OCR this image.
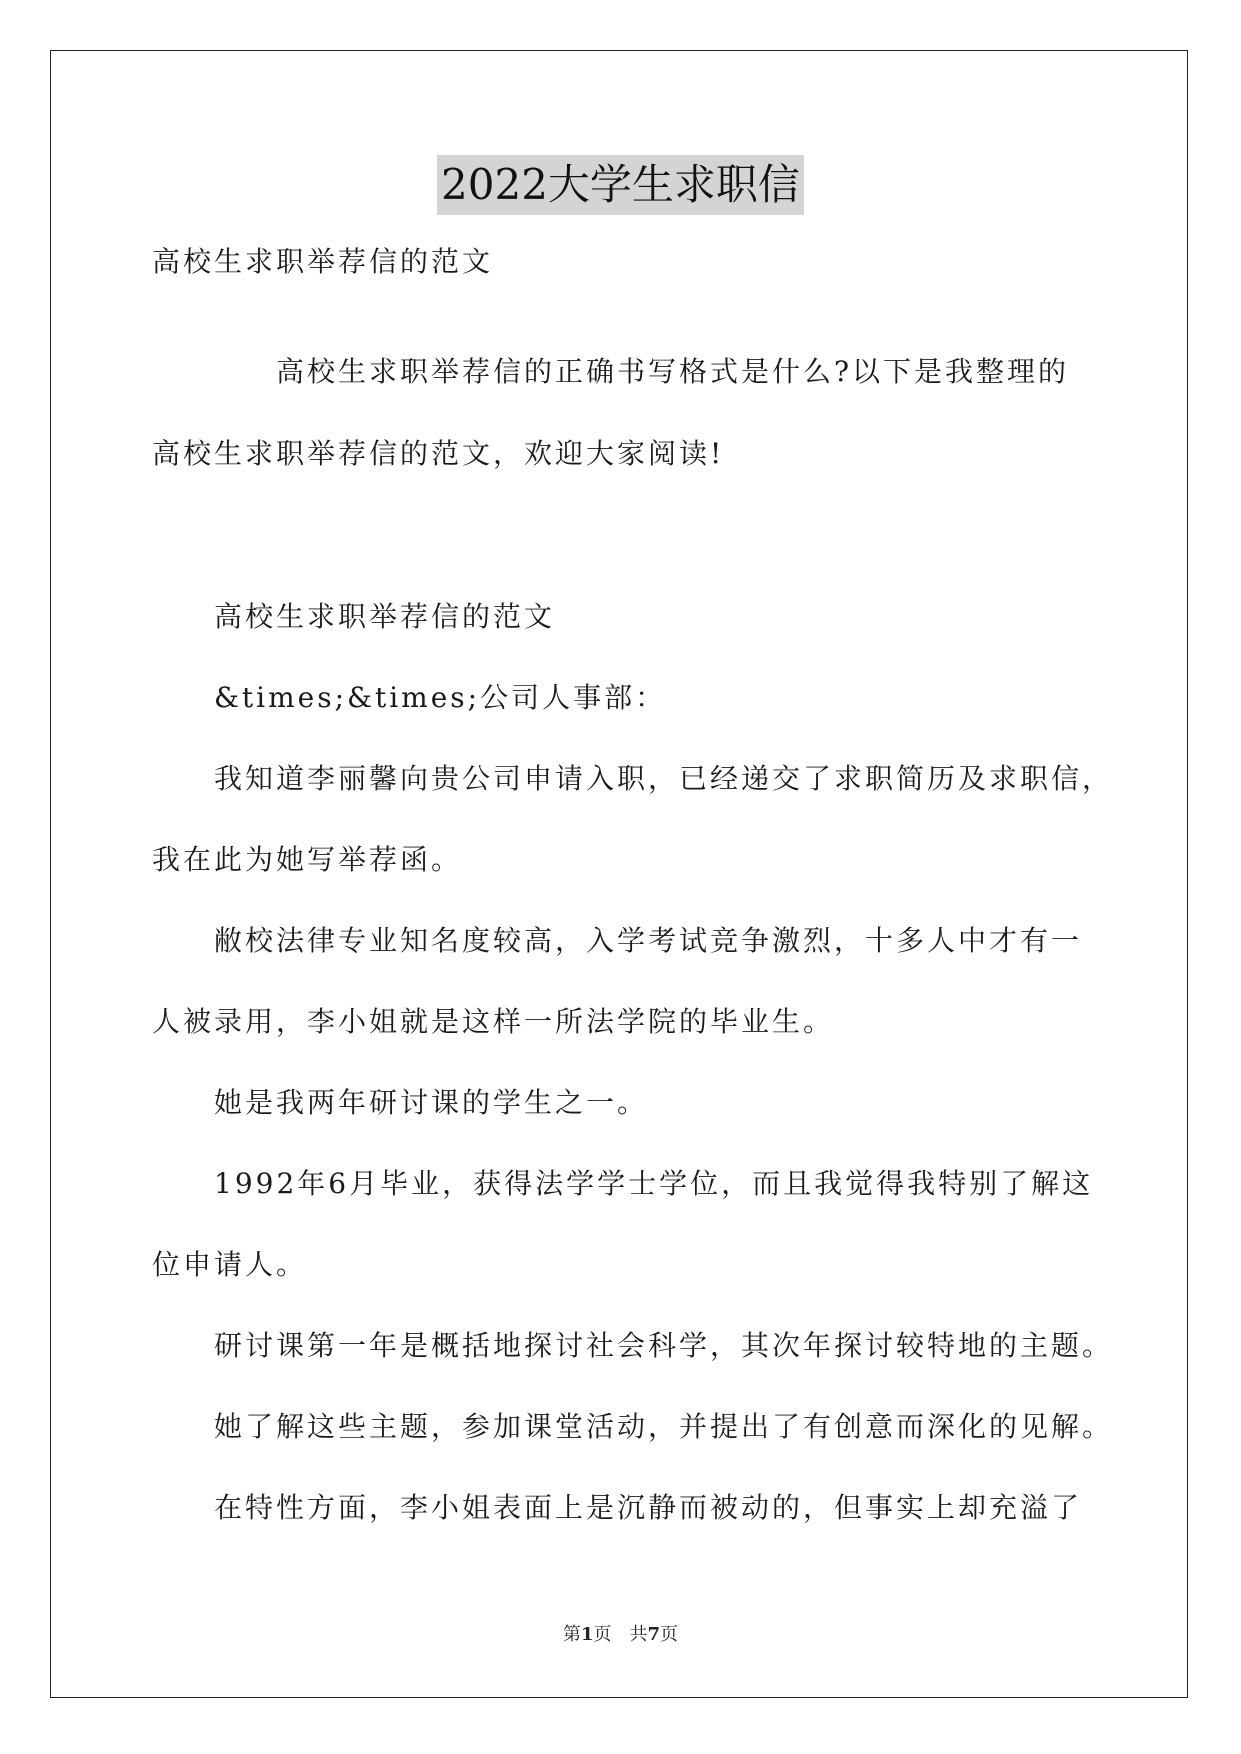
2022大学生求职信
高校生求职举荐信的范文
高校生求职举荐信的正确书写格式是什么?以下是我整理的
高校生求职举荐信的范文，欢迎大家阅读!
高校生求职举荐信的范文
&times;&times;公司人事部：
我知道李丽馨向贵公司申请入职，已经递交了求职简历及求职信，
我在此为她写举荐函。
敝校法律专业知名度较高，入学考试竞争激烈，十多人中才有一
人被录用，李小姐就是这样一所法学院的毕业生。
她是我两年研讨课的学生之一。
1992年6月毕业，获得法学学士学位，而且我觉得我特别了解这
位申请人。
研讨课第一年是概括地探讨社会科学，其次年探讨较特地的主题。
她了解这些主题，参加课堂活动，并提出了有创意而深化的见解。
在特性方面，李小姐表面上是沉静而被动的，但事实上却充溢了
第1页 共7页
